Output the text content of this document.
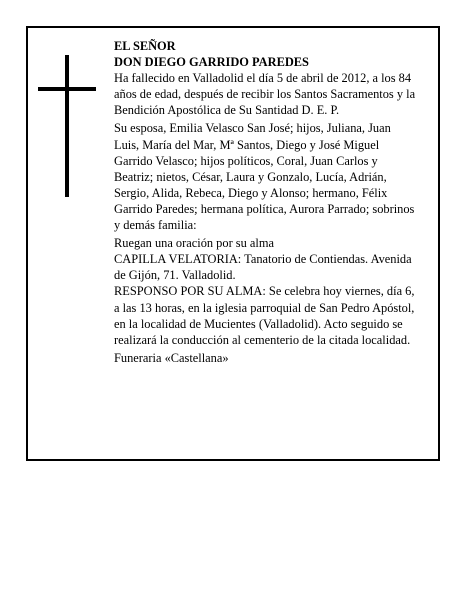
EL SEÑOR

DON DIEGO GARRIDO PAREDES

Ha fallecido en Valladolid el día 5 de abril de 2012, a los 84 años de edad, después de recibir los Santos Sacramentos y la Bendición Apostólica de Su Santidad D. E. P.

Su esposa, Emilia Velasco San José; hijos, Juliana, Juan Luis, María del Mar, Mª Santos, Diego y José Miguel Garrido Velasco; hijos políticos, Coral, Juan Carlos y Beatriz; nietos, César, Laura y Gonzalo, Lucía, Adrián, Sergio, Alida, Rebeca, Diego y Alonso; hermano, Félix Garrido Paredes; hermana política, Aurora Parrado; sobrinos y demás familia:

Ruegan una oración por su alma

CAPILLA VELATORIA: Tanatorio de Contiendas. Avenida de Gijón, 71. Valladolid.

RESPONSO POR SU ALMA: Se celebra hoy viernes, día 6, a las 13 horas, en la iglesia parroquial de San Pedro Apóstol, en la localidad de Mucientes (Valladolid). Acto seguido se realizará la conducción al cementerio de la citada localidad.

Funeraria «Castellana»
